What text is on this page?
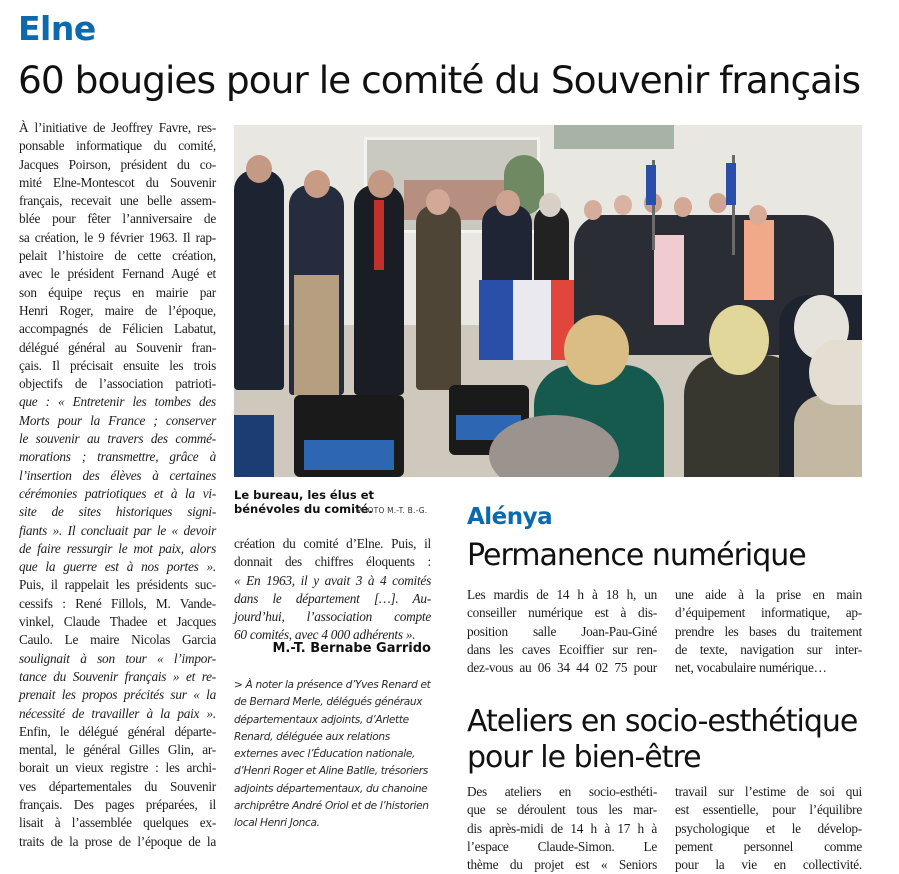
Elne
60 bougies pour le comité du Souvenir français
À l’initiative de Jeoffrey Favre, res-
ponsable informatique du comité,
Jacques Poirson, président du co-
mité Elne-Montescot du Souvenir
français, recevait une belle assem-
blée pour fêter l’anniversaire de
sa création, le 9 février 1963. Il rap-
pelait l’histoire de cette création,
avec le président Fernand Augé et
son équipe reçus en mairie par
Henri Roger, maire de l’époque,
accompagnés de Félicien Labatut,
délégué général au Souvenir fran-
çais. Il précisait ensuite les trois
objectifs de l’association patrioti-
que : « Entretenir les tombes des
Morts pour la France ; conserver
le souvenir au travers des commé-
morations ; transmettre, grâce à
l’insertion des élèves à certaines
cérémonies patriotiques et à la vi-
site de sites historiques signi-
fiants ». Il concluait par le « devoir
de faire ressurgir le mot paix, alors
que la guerre est à nos portes ».
Puis, il rappelait les présidents suc-
cessifs : René Fillols, M. Vande-
vinkel, Claude Thadee et Jacques
Caulo. Le maire Nicolas Garcia
soulignait à son tour « l’impor-
tance du Souvenir français » et re-
prenait les propos précités sur « la
nécessité de travailler à la paix ».
Enfin, le délégué général départe-
mental, le général Gilles Glin, ar-
borait un vieux registre : les archi-
ves départementales du Souvenir
français. Des pages préparées, il
lisait à l’assemblée quelques ex-
traits de la prose de l’époque de la
Le bureau, les élus et bénévoles du comité.
PHOTO M.-T. B.-G.
création du comité d’Elne. Puis, il
donnait des chiffres éloquents :
« En 1963, il y avait 3 à 4 comités
dans le département […]. Au-
jourd’hui, l’association compte
60 comités, avec 4 000 adhérents ».
M.-T. Bernabe Garrido
> À noter la présence d’Yves Renard et
de Bernard Merle, délégués généraux
départementaux adjoints, d’Arlette
Renard, déléguée aux relations
externes avec l’Éducation nationale,
d’Henri Roger et Aline Batlle, trésoriers
adjoints départementaux, du chanoine
archiprêtre André Oriol et de l’historien
local Henri Jonca.
Alénya
Permanence numérique
Les mardis de 14 h à 18 h, un
conseiller numérique est à dis-
position salle Joan-Pau-Giné
dans les caves Ecoiffier sur ren-
dez-vous au 06 34 44 02 75 pour
une aide à la prise en main
d’équipement informatique, ap-
prendre les bases du traitement
de texte, navigation sur inter-
net, vocabulaire numérique…
Ateliers en socio-esthétique
pour le bien-être
Des ateliers en socio-esthéti-
que se déroulent tous les mar-
dis après-midi de 14 h à 17 h à
l’espace Claude-Simon. Le
thème du projet est « Seniors
travail sur l’estime de soi qui
est essentielle, pour l’équilibre
psychologique et le dévelop-
pement personnel comme
pour la vie en collectivité.
